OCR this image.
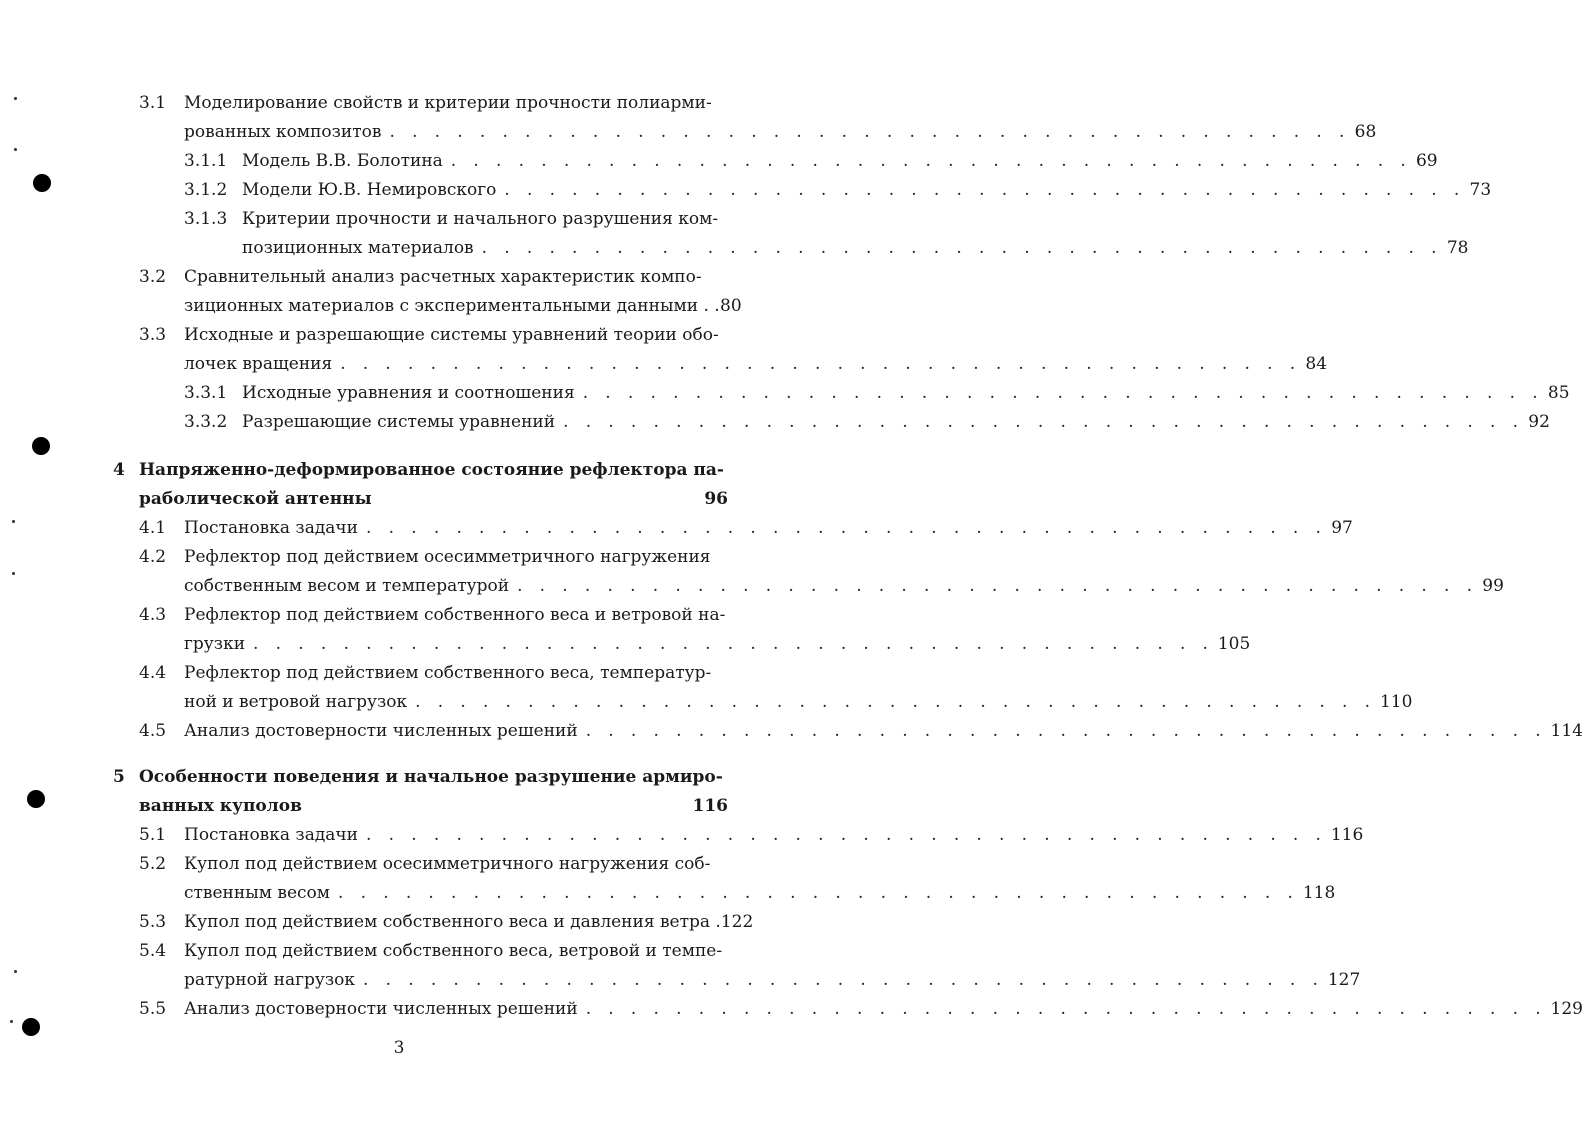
3.1 Моделирование свойств и критерии прочности полиарми-
рованных композитов . . . . . . . . . . . . . . . . . . . . . . . . . . . . . . . . . . . . . . . . . . . 68
3.1.1 Модель В.В. Болотина . . . . . . . . . . . . . . . . . . . . . . . . . . . . . . . . . . . . . . . . . . . 69
3.1.2 Модели Ю.В. Немировского . . . . . . . . . . . . . . . . . . . . . . . . . . . . . . . . . . . . . . . . . . . 73
3.1.3 Критерии прочности и начального разрушения ком-
позиционных материалов . . . . . . . . . . . . . . . . . . . . . . . . . . . . . . . . . . . . . . . . . . . 78
3.2 Сравнительный анализ расчетных характеристик компо-
зиционных материалов с экспериментальными данными . . 80
3.3 Исходные и разрешающие системы уравнений теории обо-
лочек вращения . . . . . . . . . . . . . . . . . . . . . . . . . . . . . . . . . . . . . . . . . . . 84
3.3.1 Исходные уравнения и соотношения . . . . . . . . . . . . . . . . . . . . . . . . . . . . . . . . . . . . . . . . . . . 85
3.3.2 Разрешающие системы уравнений . . . . . . . . . . . . . . . . . . . . . . . . . . . . . . . . . . . . . . . . . . . 92
4 Напряженно-деформированное состояние рефлектора па-
раболической антенны	96
4.1 Постановка задачи . . . . . . . . . . . . . . . . . . . . . . . . . . . . . . . . . . . . . . . . . . . 97
4.2 Рефлектор под действием осесимметричного нагружения
собственным весом и температурой . . . . . . . . . . . . . . . . . . . . . . . . . . . . . . . . . . . . . . . . . . . 99
4.3 Рефлектор под действием собственного веса и ветровой на-
грузки . . . . . . . . . . . . . . . . . . . . . . . . . . . . . . . . . . . . . . . . . . . 105
4.4 Рефлектор под действием собственного веса, температур-
ной и ветровой нагрузок . . . . . . . . . . . . . . . . . . . . . . . . . . . . . . . . . . . . . . . . . . . 110
4.5 Анализ достоверности численных решений . . . . . . . . . . . . . . . . . . . . . . . . . . . . . . . . . . . . . . . . . . . 114
5 Особенности поведения и начальное разрушение армиро-
ванных куполов	116
5.1 Постановка задачи . . . . . . . . . . . . . . . . . . . . . . . . . . . . . . . . . . . . . . . . . . . 116
5.2 Купол под действием осесимметричного нагружения соб-
ственным весом . . . . . . . . . . . . . . . . . . . . . . . . . . . . . . . . . . . . . . . . . . . 118
5.3 Купол под действием собственного веса и давления ветра . 122
5.4 Купол под действием собственного веса, ветровой и темпе-
ратурной нагрузок . . . . . . . . . . . . . . . . . . . . . . . . . . . . . . . . . . . . . . . . . . . 127
5.5 Анализ достоверности численных решений . . . . . . . . . . . . . . . . . . . . . . . . . . . . . . . . . . . . . . . . . . . 129
3
